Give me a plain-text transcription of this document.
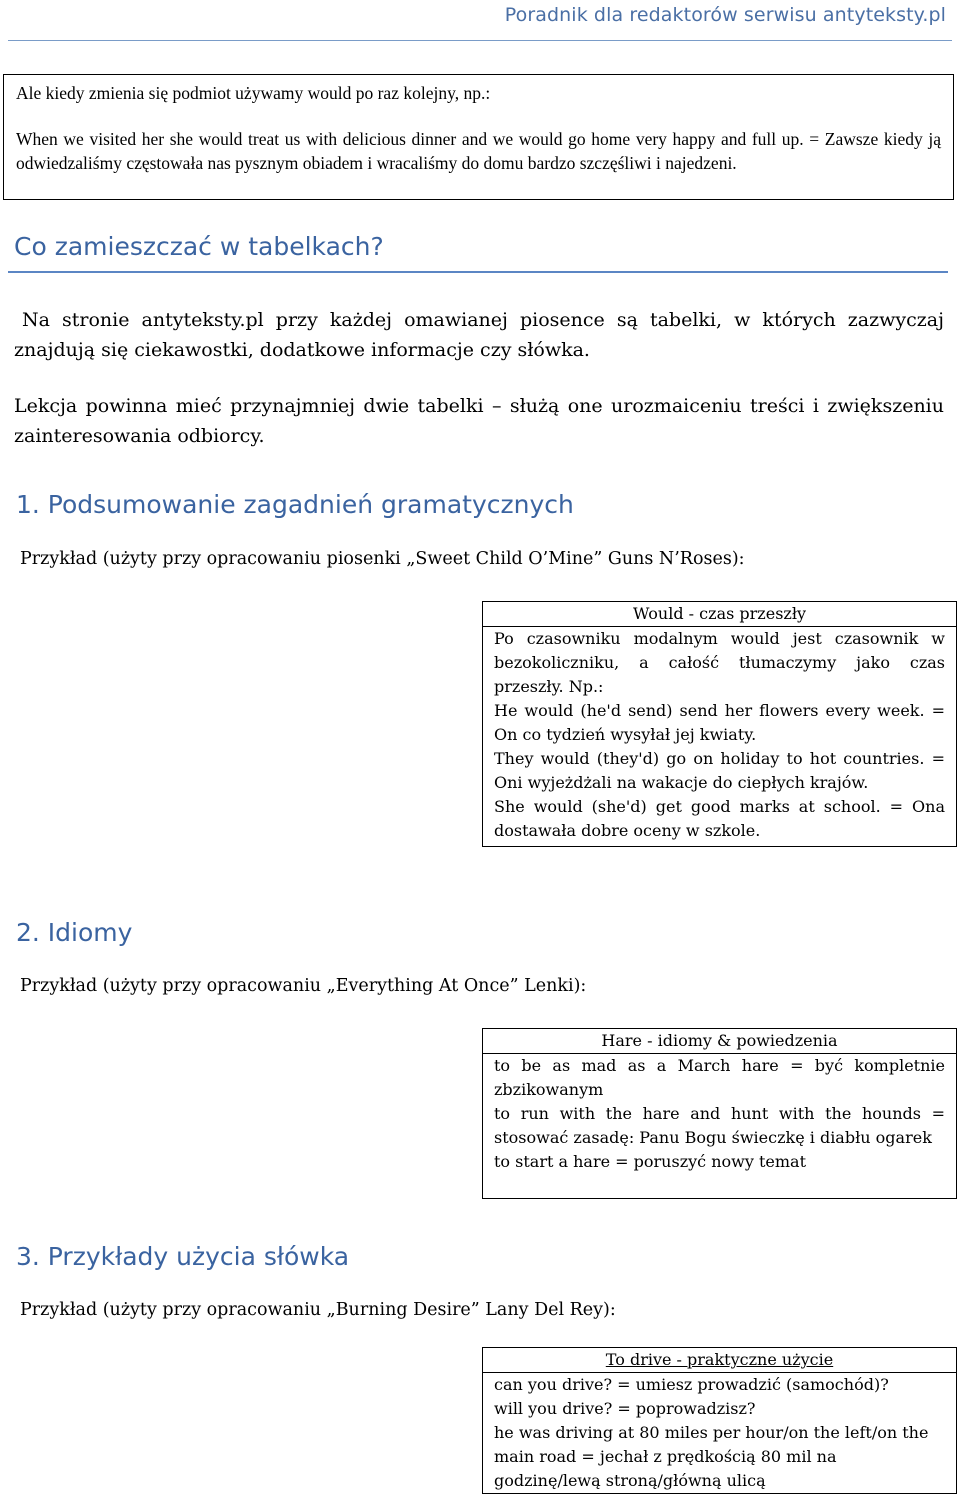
Poradnik dla redaktorów serwisu antyteksty.pl

Ale kiedy zmienia się podmiot używamy would po raz kolejny, np.:

When we visited her she would treat us with delicious dinner and we would go home very happy and full up. = Zawsze kiedy ją odwiedzaliśmy częstowała nas pysznym obiadem i wracaliśmy do domu bardzo szczęśliwi i najedzeni.

Co zamieszczać w tabelkach?
Na stronie antyteksty.pl przy każdej omawianej piosence są tabelki, w których zazwyczaj znajdują się ciekawostki, dodatkowe informacje czy słówka.
Lekcja powinna mieć przynajmniej dwie tabelki – służą one urozmaiceniu treści i zwiększeniu zainteresowania odbiorcy.
1. Podsumowanie zagadnień gramatycznych
Przykład (użyty przy opracowaniu piosenki „Sweet Child O’Mine” Guns N’Roses):
Would - czas przeszły
Po czasowniku modalnym would jest czasownik w bezokoliczniku, a całość tłumaczymy jako czas przeszły. Np.:
He would (he'd send) send her flowers every week. = On co tydzień wysyłał jej kwiaty.
They would (they'd) go on holiday to hot countries. = Oni wyjeżdżali na wakacje do ciepłych krajów.
She would (she'd) get good marks at school. = Ona dostawała dobre oceny w szkole.
2. Idiomy
Przykład (użyty przy opracowaniu „Everything At Once” Lenki):
Hare - idiomy & powiedzenia
to be as mad as a March hare = być kompletnie zbzikowanym
to run with the hare and hunt with the hounds = stosować zasadę: Panu Bogu świeczkę i diabłu ogarek
to start a hare = poruszyć nowy temat
3. Przykłady użycia słówka
Przykład (użyty przy opracowaniu „Burning Desire” Lany Del Rey):
To drive - praktyczne użycie
can you drive? = umiesz prowadzić (samochód)?
will you drive? = poprowadzisz?
he was driving at 80 miles per hour/on the left/on the main road = jechał z prędkością 80 mil na godzinę/lewą stroną/główną ulicą
